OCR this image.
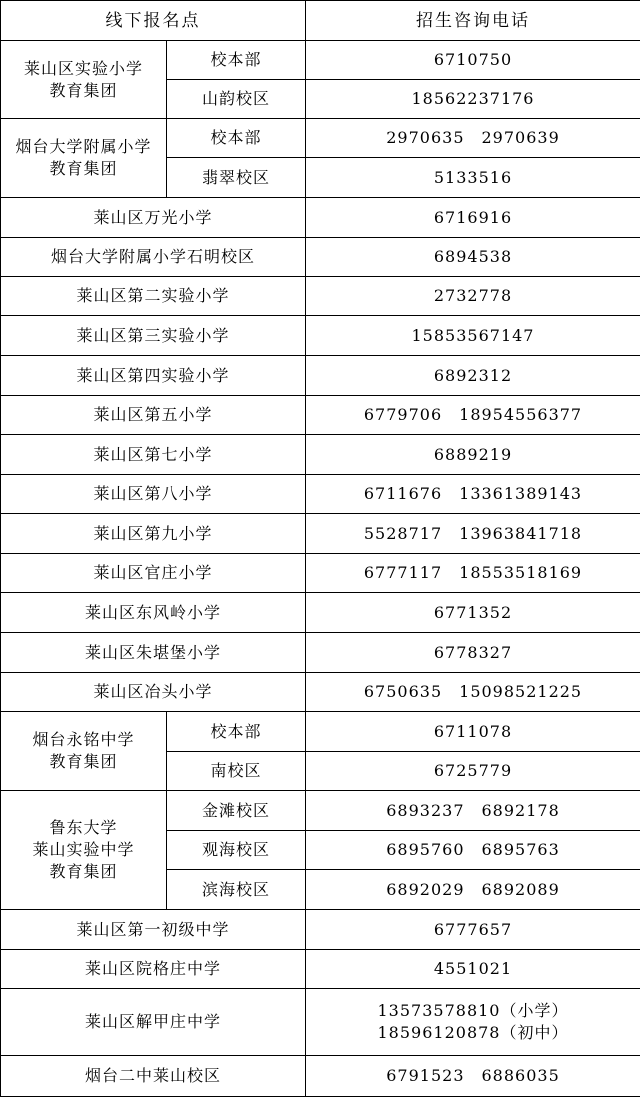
线下报名点		招生咨询电话

莱山区实验小学
教育集团	校本部	6710750

	山韵校区	18562237176

烟台大学附属小学
教育集团	校本部	2970635　2970639

	翡翠校区	5133516

莱山区万光小学		6716916

烟台大学附属小学石明校区		6894538

莱山区第二实验小学		2732778

莱山区第三实验小学		15853567147

莱山区第四实验小学		6892312

莱山区第五小学		6779706　18954556377

莱山区第七小学		6889219

莱山区第八小学		6711676　13361389143

莱山区第九小学		5528717　13963841718

莱山区官庄小学		6777117　18553518169

莱山区东风岭小学		6771352

莱山区朱堪堡小学		6778327

莱山区冶头小学		6750635　15098521225

烟台永铭中学
教育集团	校本部	6711078

	南校区	6725779

鲁东大学
莱山实验中学
教育集团	金滩校区	6893237　6892178

	观海校区	6895760　6895763

	滨海校区	6892029　6892089

莱山区第一初级中学		6777657

莱山区院格庄中学		4551021

莱山区解甲庄中学		13573578810（小学）
18596120878（初中）

烟台二中莱山校区		6791523　6886035
